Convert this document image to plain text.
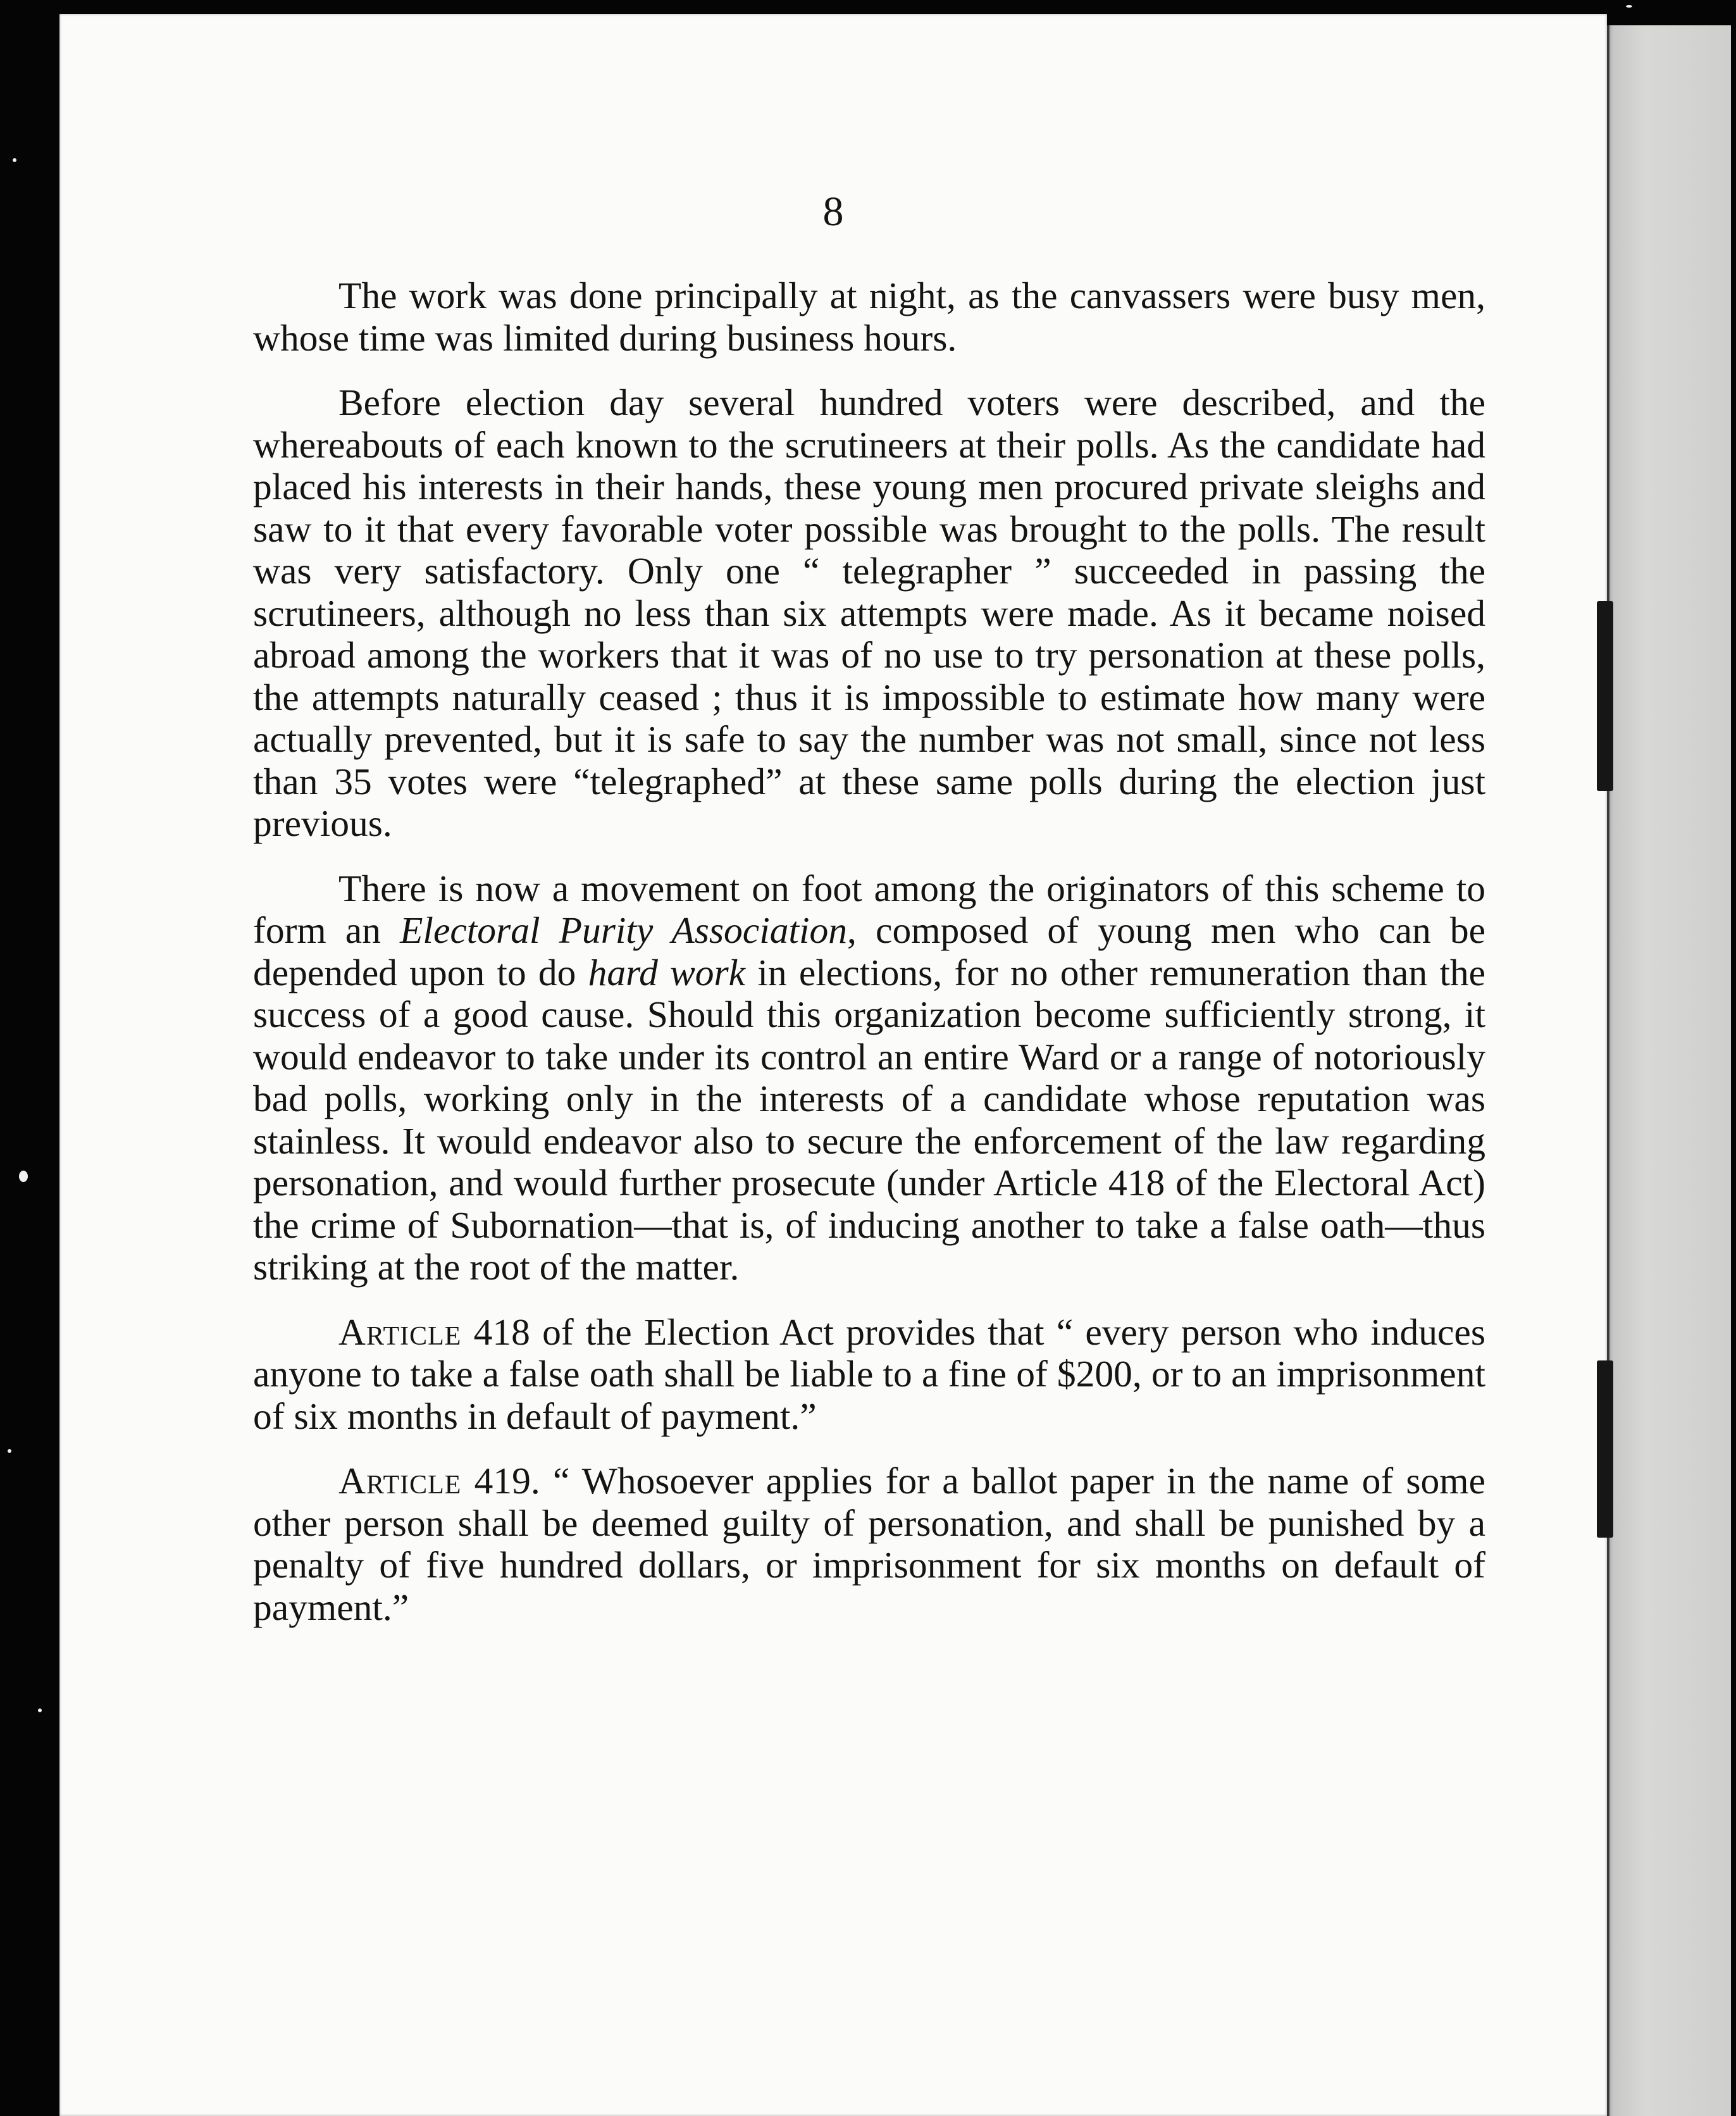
8

The work was done principally at night, as the canvassers were busy men, whose time was limited during business hours.

Before election day several hundred voters were described, and the whereabouts of each known to the scrutineers at their polls. As the candidate had placed his interests in their hands, these young men procured private sleighs and saw to it that every favorable voter possible was brought to the polls. The result was very satisfactory. Only one “ telegrapher ” succeeded in passing the scrutineers, although no less than six attempts were made. As it became noised abroad among the workers that it was of no use to try personation at these polls, the attempts naturally ceased ; thus it is impossible to estimate how many were actually prevented, but it is safe to say the number was not small, since not less than 35 votes were “telegraphed” at these same polls during the election just previous.

There is now a movement on foot among the originators of this scheme to form an Electoral Purity Association, composed of young men who can be depended upon to do hard work in elections, for no other remuneration than the success of a good cause. Should this organization become sufficiently strong, it would endeavor to take under its control an entire Ward or a range of notoriously bad polls, working only in the interests of a candidate whose reputation was stainless. It would endeavor also to secure the enforcement of the law regarding personation, and would further prosecute (under Article 418 of the Electoral Act) the crime of Subornation—that is, of inducing another to take a false oath—thus striking at the root of the matter.

Article 418 of the Election Act provides that “ every person who induces anyone to take a false oath shall be liable to a fine of $200, or to an imprisonment of six months in default of payment.”

Article 419. “ Whosoever applies for a ballot paper in the name of some other person shall be deemed guilty of personation, and shall be punished by a penalty of five hundred dollars, or imprisonment for six months on default of payment.”
